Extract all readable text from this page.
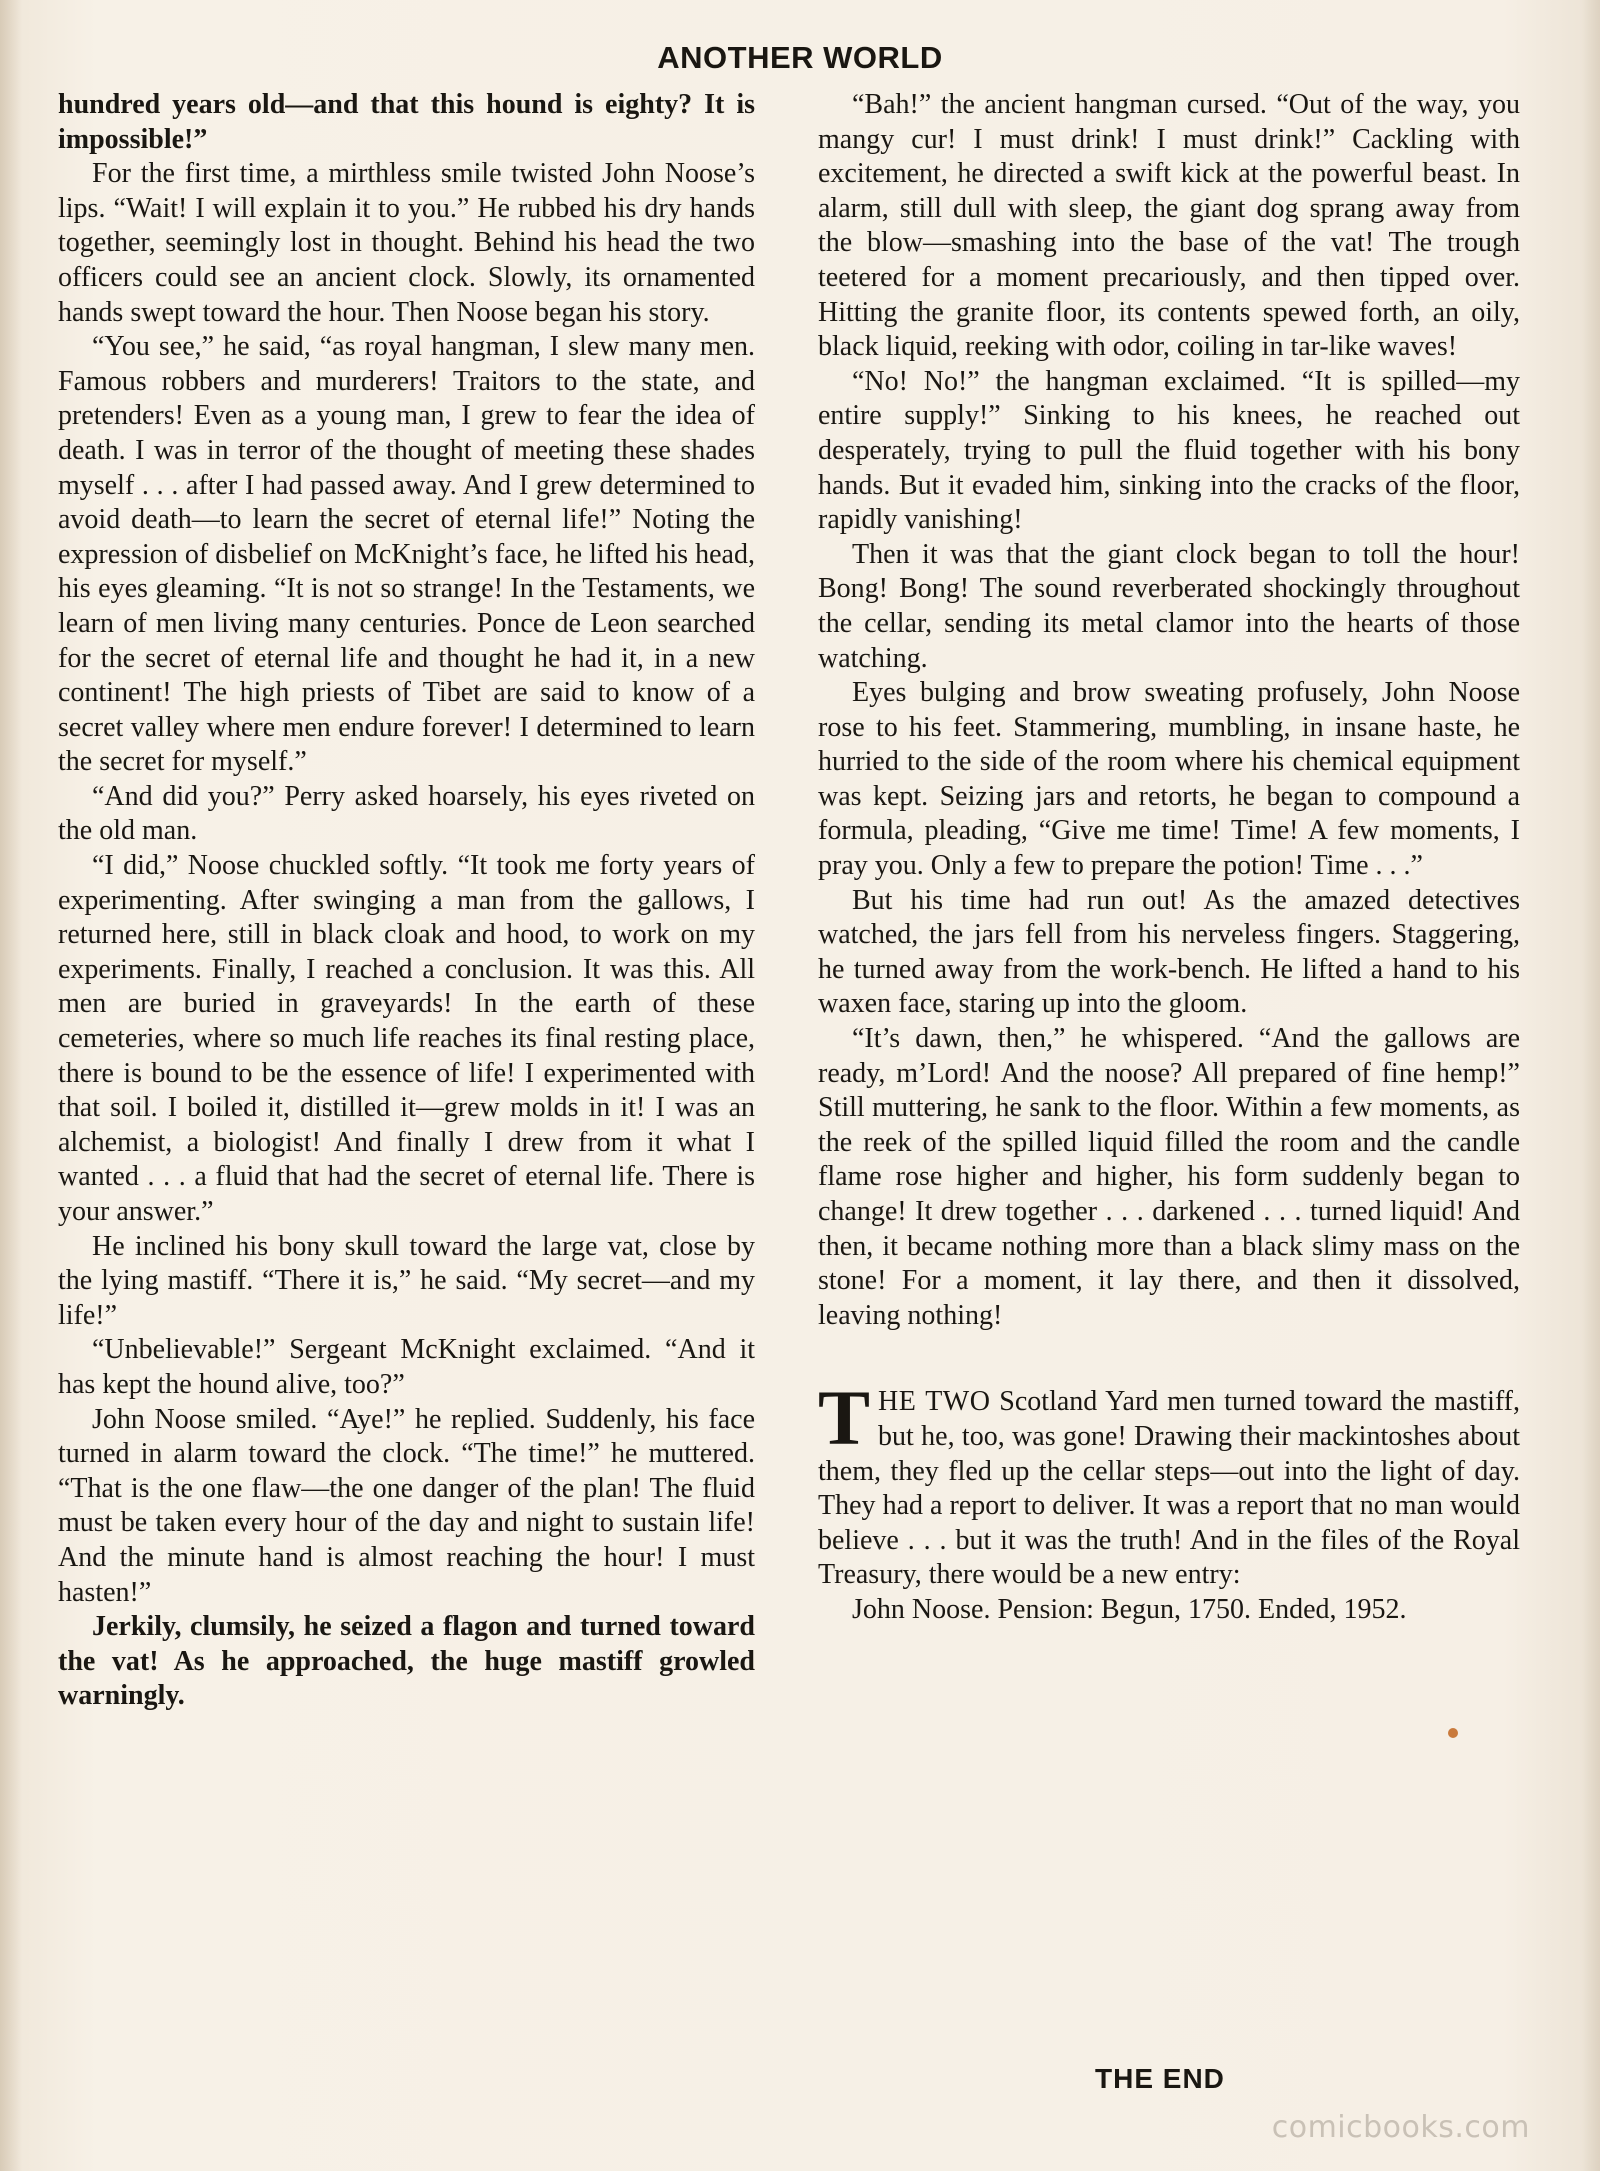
ANOTHER WORLD

hundred years old—and that this hound is eighty? It is impossible!”

For the first time, a mirthless smile twisted John Noose’s lips. “Wait! I will explain it to you.” He rubbed his dry hands together, seemingly lost in thought. Behind his head the two officers could see an ancient clock. Slowly, its ornamented hands swept toward the hour. Then Noose began his story.

“You see,” he said, “as royal hangman, I slew many men. Famous robbers and murderers! Traitors to the state, and pretenders! Even as a young man, I grew to fear the idea of death. I was in terror of the thought of meeting these shades myself . . . after I had passed away. And I grew determined to avoid death—to learn the secret of eternal life!” Noting the expression of disbelief on McKnight’s face, he lifted his head, his eyes gleaming. “It is not so strange! In the Testaments, we learn of men living many centuries. Ponce de Leon searched for the secret of eternal life and thought he had it, in a new continent! The high priests of Tibet are said to know of a secret valley where men endure forever! I determined to learn the secret for myself.”

“And did you?” Perry asked hoarsely, his eyes riveted on the old man.

“I did,” Noose chuckled softly. “It took me forty years of experimenting. After swinging a man from the gallows, I returned here, still in black cloak and hood, to work on my experiments. Finally, I reached a conclusion. It was this. All men are buried in graveyards! In the earth of these cemeteries, where so much life reaches its final resting place, there is bound to be the essence of life! I experimented with that soil. I boiled it, distilled it—grew molds in it! I was an alchemist, a biologist! And finally I drew from it what I wanted . . . a fluid that had the secret of eternal life. There is your answer.”

He inclined his bony skull toward the large vat, close by the lying mastiff. “There it is,” he said. “My secret—and my life!”

“Unbelievable!” Sergeant McKnight exclaimed. “And it has kept the hound alive, too?”

John Noose smiled. “Aye!” he replied. Suddenly, his face turned in alarm toward the clock. “The time!” he muttered. “That is the one flaw—the one danger of the plan! The fluid must be taken every hour of the day and night to sustain life! And the minute hand is almost reaching the hour! I must hasten!”

Jerkily, clumsily, he seized a flagon and turned toward the vat! As he approached, the huge mastiff growled warningly.

“Bah!” the ancient hangman cursed. “Out of the way, you mangy cur! I must drink! I must drink!” Cackling with excitement, he directed a swift kick at the powerful beast. In alarm, still dull with sleep, the giant dog sprang away from the blow—smashing into the base of the vat! The trough teetered for a moment precariously, and then tipped over. Hitting the granite floor, its contents spewed forth, an oily, black liquid, reeking with odor, coiling in tar-like waves!

“No! No!” the hangman exclaimed. “It is spilled—my entire supply!” Sinking to his knees, he reached out desperately, trying to pull the fluid together with his bony hands. But it evaded him, sinking into the cracks of the floor, rapidly vanishing!

Then it was that the giant clock began to toll the hour! Bong! Bong! The sound reverberated shockingly throughout the cellar, sending its metal clamor into the hearts of those watching.

Eyes bulging and brow sweating profusely, John Noose rose to his feet. Stammering, mumbling, in insane haste, he hurried to the side of the room where his chemical equipment was kept. Seizing jars and retorts, he began to compound a formula, pleading, “Give me time! Time! A few moments, I pray you. Only a few to prepare the potion! Time . . .”

But his time had run out! As the amazed detectives watched, the jars fell from his nerveless fingers. Staggering, he turned away from the work-bench. He lifted a hand to his waxen face, staring up into the gloom.

“It’s dawn, then,” he whispered. “And the gallows are ready, m’Lord! And the noose? All prepared of fine hemp!” Still muttering, he sank to the floor. Within a few moments, as the reek of the spilled liquid filled the room and the candle flame rose higher and higher, his form suddenly began to change! It drew together . . . darkened . . . turned liquid! And then, it became nothing more than a black slimy mass on the stone! For a moment, it lay there, and then it dissolved, leaving nothing!

THE TWO Scotland Yard men turned toward the mastiff, but he, too, was gone! Drawing their mackintoshes about them, they fled up the cellar steps—out into the light of day. They had a report to deliver. It was a report that no man would believe . . . but it was the truth! And in the files of the Royal Treasury, there would be a new entry:

John Noose. Pension: Begun, 1750. Ended, 1952.

THE END
comicbooks.com
